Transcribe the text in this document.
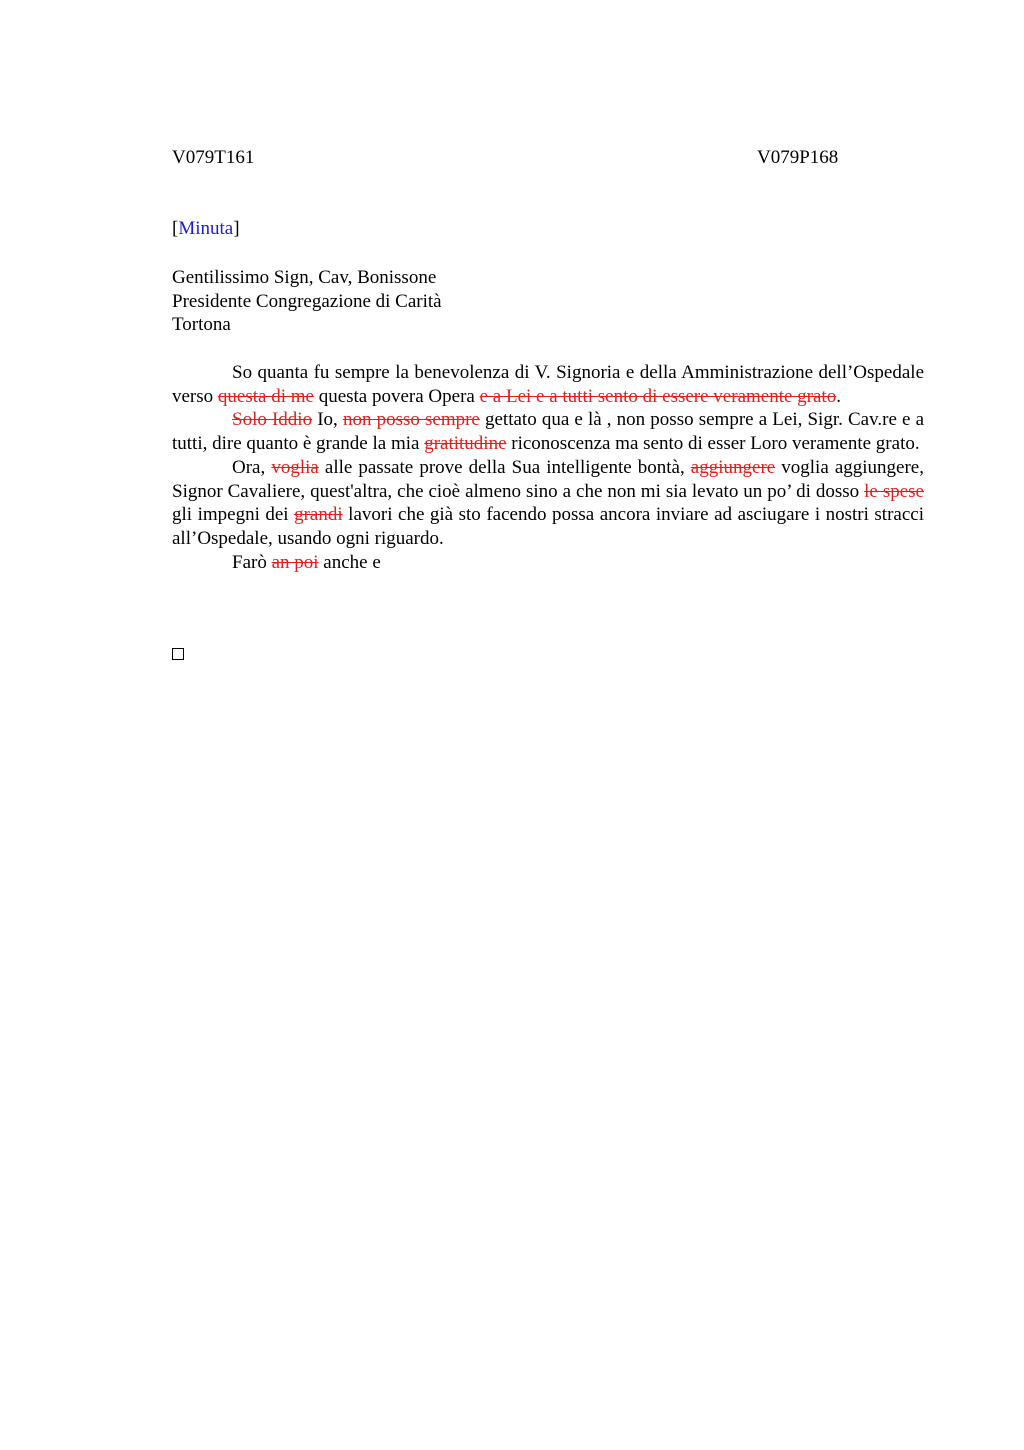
V079T161	V079P168
[Minuta]
Gentilissimo Sign, Cav, Bonissone
Presidente Congregazione di Carità
Tortona

So quanta fu sempre la benevolenza di V. Signoria e della Amministrazione dell’Ospedale verso questa di me questa povera Opera e a Lei e a tutti sento di essere veramente grato.

Solo Iddio Io, non posso sempre gettato qua e là , non posso sempre a Lei, Sigr. Cav.re e a tutti, dire quanto è grande la mia gratitudine riconoscenza ma sento di esser Loro veramente grato.

Ora, voglia alle passate prove della Sua intelligente bontà, aggiungere voglia aggiungere, Signor Cavaliere, quest'altra, che cioè almeno sino a che non mi sia levato un po’ di dosso le spese gli impegni dei grandi lavori che già sto facendo possa ancora inviare ad asciugare i nostri stracci all’Ospedale, usando ogni riguardo.

Farò an poi anche e
